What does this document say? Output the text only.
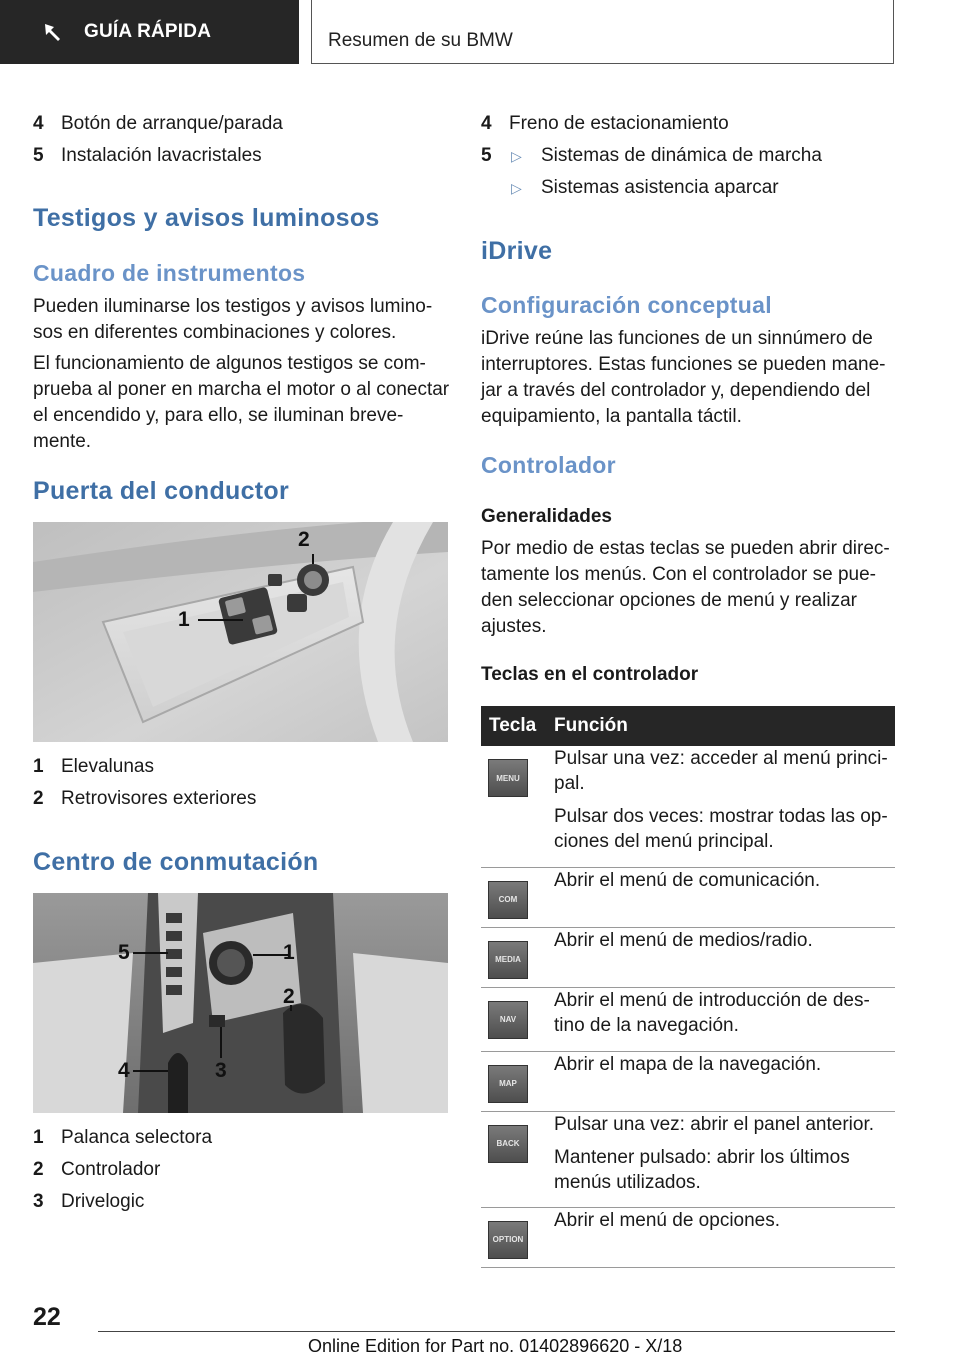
GUÍA RÁPIDA	Resumen de su BMW
4 Botón de arranque/parada
5 Instalación lavacristales
Testigos y avisos luminosos
Cuadro de instrumentos
Pueden iluminarse los testigos y avisos lumino‐ sos en diferentes combinaciones y colores.
El funcionamiento de algunos testigos se com‐ prueba al poner en marcha el motor o al conectar el encendido y, para ello, se iluminan breve‐ mente.
Puerta del conductor
1
2
1 Elevalunas
2 Retrovisores exteriores
Centro de conmutación
5	1
2
3
4
1 Palanca selectora
2 Controlador
3 Drivelogic
4 Freno de estacionamiento
5	▷	Sistemas de dinámica de marcha
▷	Sistemas asistencia aparcar
iDrive
Configuración conceptual
iDrive reúne las funciones de un sinnúmero de interruptores. Estas funciones se pueden mane‐ jar a través del controlador y, dependiendo del equipamiento, la pantalla táctil.
Controlador
Generalidades
Por medio de estas teclas se pueden abrir direc‐ tamente los menús. Con el controlador se pue‐ den seleccionar opciones de menú y realizar ajustes.
Teclas en el controlador
Tecla	Función

MENU	Pulsar una vez: acceder al menú princi‐ pal.

Pulsar dos veces: mostrar todas las op‐ ciones del menú principal.

COM	Abrir el menú de comunicación.

MEDIA	Abrir el menú de medios/radio.

NAV	Abrir el menú de introducción de des‐ tino de la navegación.

MAP	Abrir el mapa de la navegación.

BACK	Pulsar una vez: abrir el panel anterior.

Mantener pulsado: abrir los últimos menús utilizados.

OPTION	Abrir el menú de opciones.

22
Online Edition for Part no. 01402896620 - X/18
